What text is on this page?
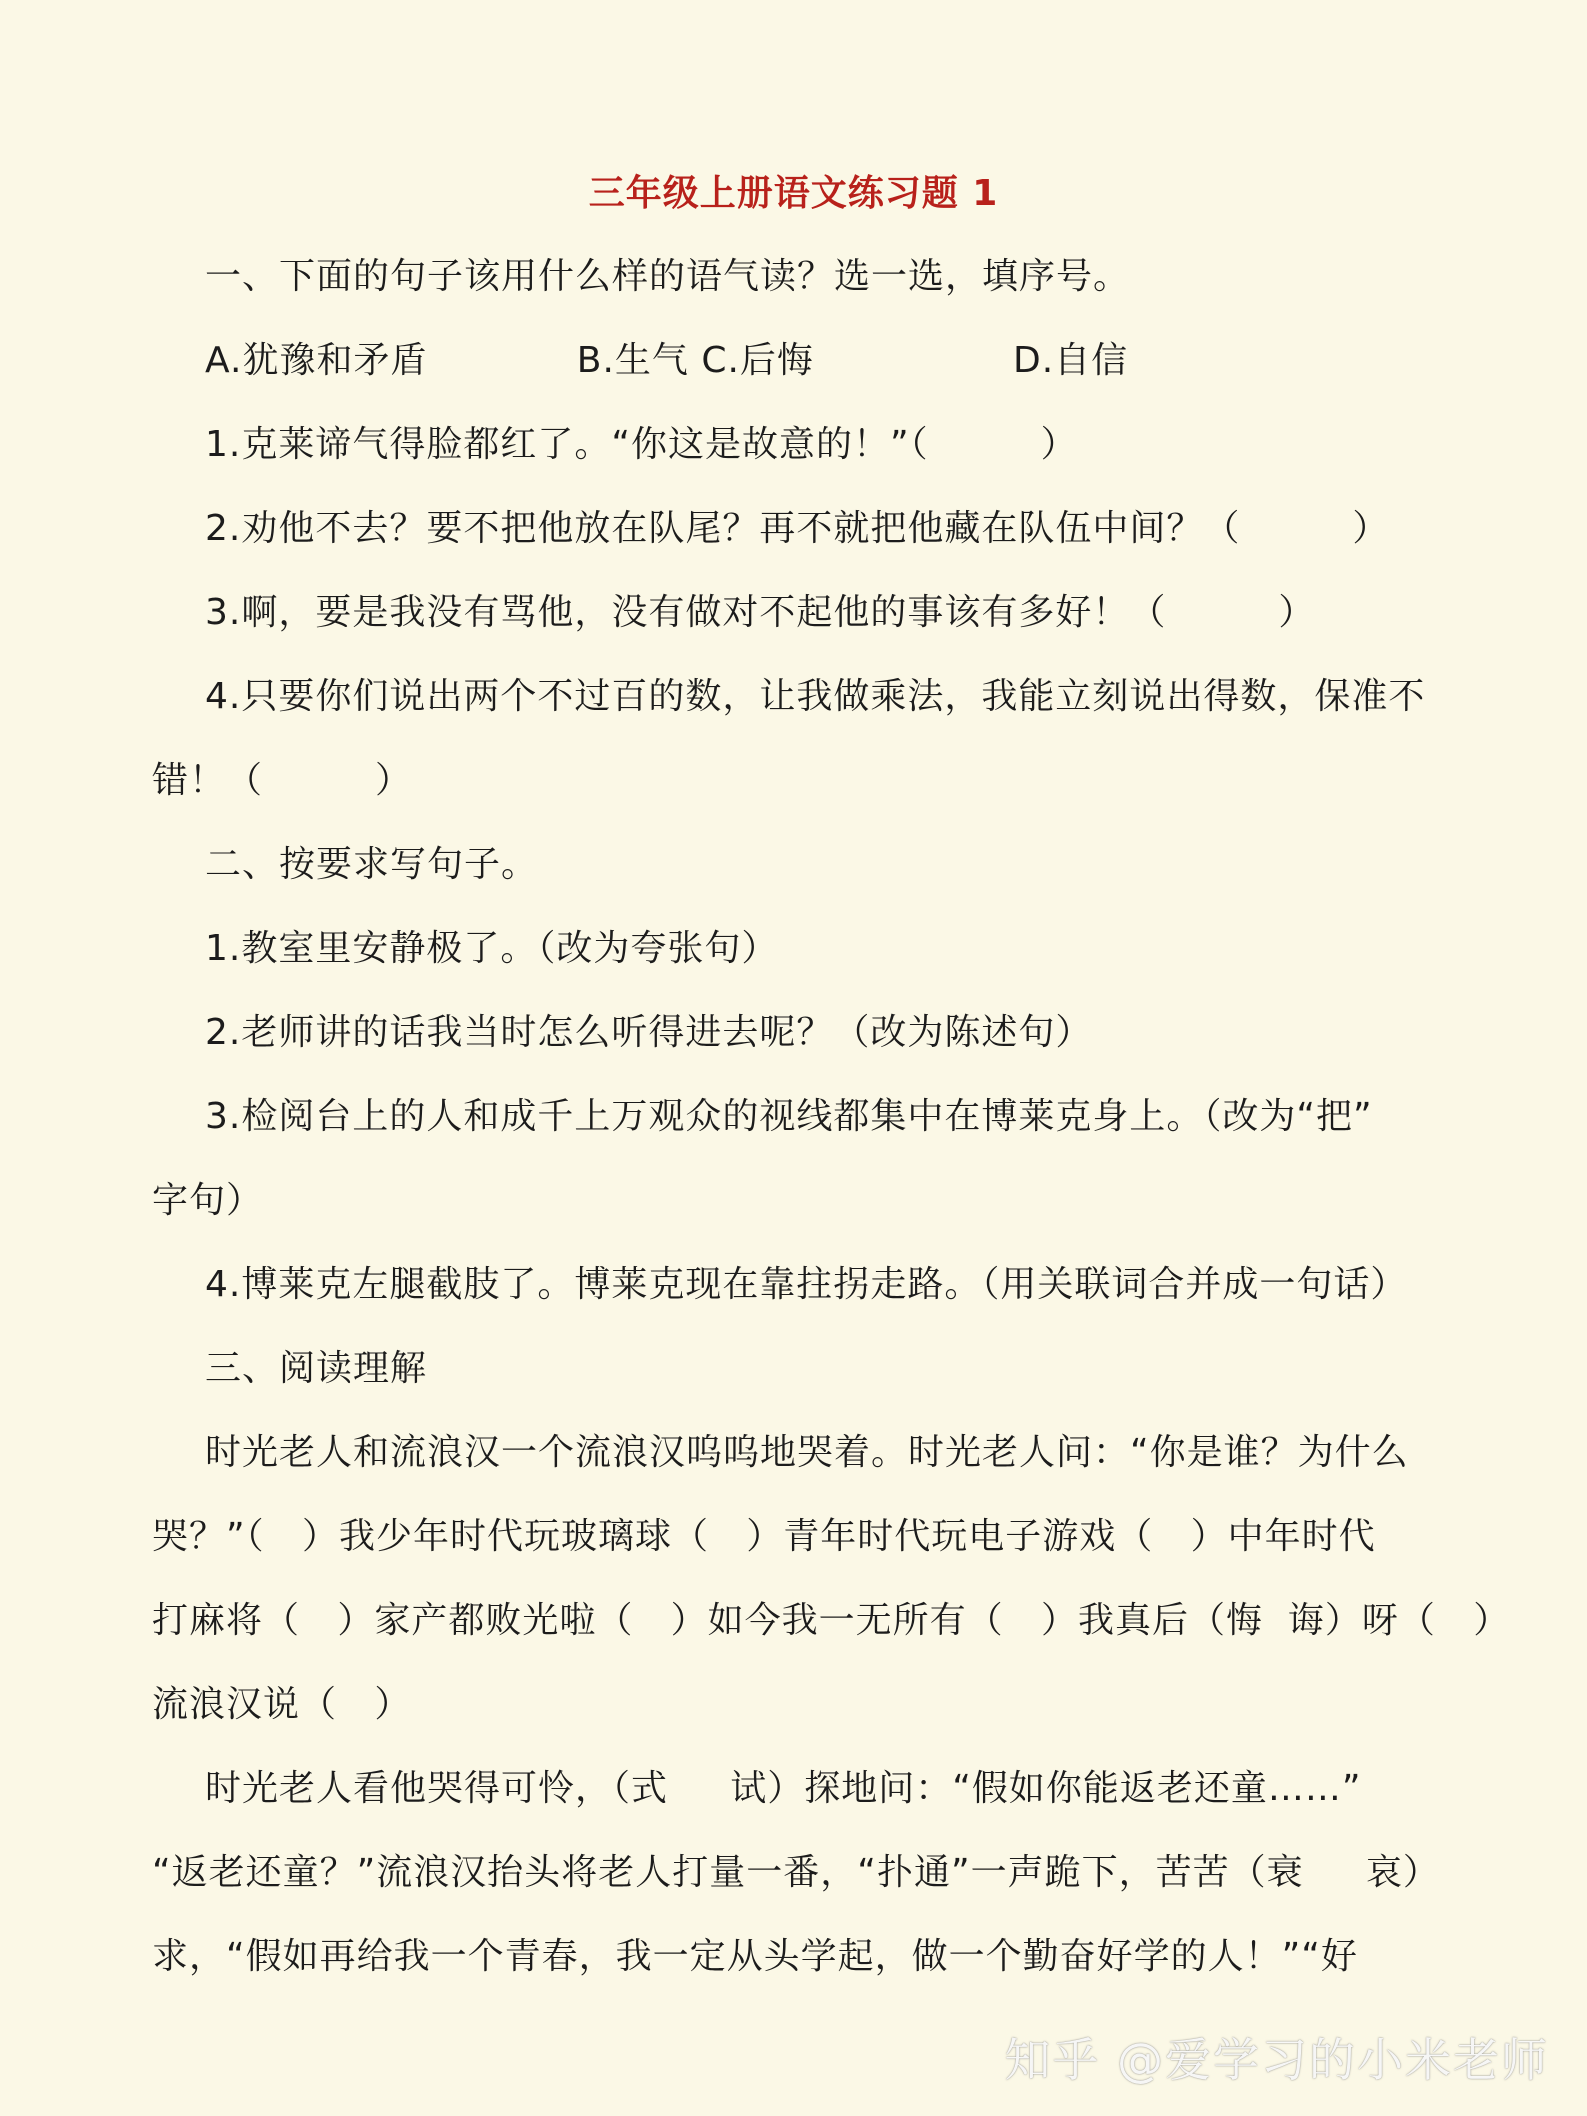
三年级上册语文练习题 1
一、下面的句子该用什么样的语气读？选一选，填序号。
A.犹豫和矛盾            B.生气 C.后悔                D.自信
1.克莱谛气得脸都红了。“你这是故意的！”（         ）
2.劝他不去？要不把他放在队尾？再不就把他藏在队伍中间？（         ）
3.啊，要是我没有骂他，没有做对不起他的事该有多好！（         ）
4.只要你们说出两个不过百的数，让我做乘法，我能立刻说出得数，保准不
错！（         ）
二、按要求写句子。
1.教室里安静极了。（改为夸张句）
2.老师讲的话我当时怎么听得进去呢？（改为陈述句）
3.检阅台上的人和成千上万观众的视线都集中在博莱克身上。（改为“把”
字句）
4.博莱克左腿截肢了。博莱克现在靠拄拐走路。（用关联词合并成一句话）
三、阅读理解
时光老人和流浪汉一个流浪汉呜呜地哭着。时光老人问：“你是谁？为什么
哭？”（   ）我少年时代玩玻璃球（   ）青年时代玩电子游戏（   ）中年时代
打麻将（   ）家产都败光啦（   ）如今我一无所有（   ）我真后（悔  诲）呀（   ）
流浪汉说（   ）
时光老人看他哭得可怜，（式     试）探地问：“假如你能返老还童……”
“返老还童？”流浪汉抬头将老人打量一番，“扑通”一声跪下，苦苦（衰     哀）
求，“假如再给我一个青春，我一定从头学起，做一个勤奋好学的人！”“好
知乎 @爱学习的小米老师
